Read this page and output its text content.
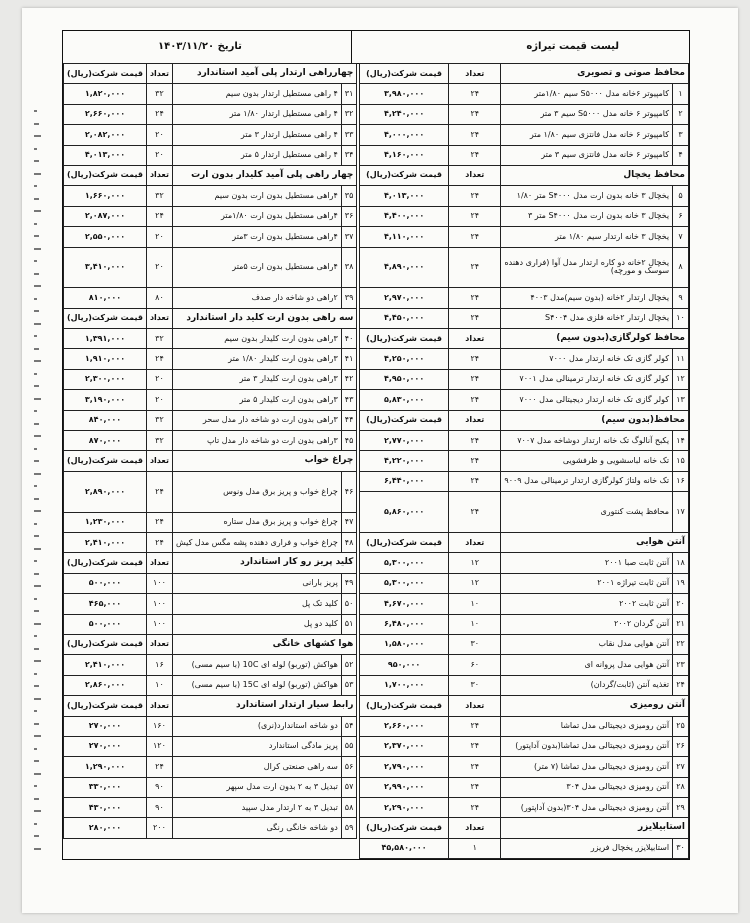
لیست قیمت تیراژه
تاریخ ۱۴۰۳/۱۱/۲۰
محافظ صوتی و تصویری		تعداد	قیمت شرکت(ریال)
۱	کامپیوتر ۶خانه مدل S۵۰۰۰ سیم ۱/۸۰متر	۲۴	۳,۹۸۰,۰۰۰
۲	کامپیوتر ۶ خانه مدل S۵۰۰۰ سیم ۳ متر	۲۴	۴,۲۴۰,۰۰۰
۳	کامپیوتر ۶ خانه مدل فانتزی سیم ۱/۸۰ متر	۲۴	۴,۰۰۰,۰۰۰
۴	کامپیوتر ۶ خانه مدل فانتزی سیم ۳ متر	۲۴	۴,۱۶۰,۰۰۰
محافظ یخچال		تعداد	قیمت شرکت(ریال)
۵	یخچال ۳ خانه بدون ارت مدل S۴۰۰۰ متر ۱/۸۰	۲۴	۴,۰۱۳,۰۰۰
۶	یخچال ۳ خانه بدون ارت مدل S۴۰۰۰ متر ۳	۲۴	۴,۴۰۰,۰۰۰
۷	یخچال ۳ خانه ارتدار سیم ۱/۸۰ متر	۲۴	۴,۱۱۰,۰۰۰
۸	یخچال ۲خانه دو کاره ارتدار مدل آوا (فراری دهنده سوسک و مورچه)	۲۴	۴,۸۹۰,۰۰۰
۹	یخچال ارتدار ۲خانه (بدون سیم)مدل ۴۰۰۳	۲۴	۲,۹۷۰,۰۰۰
۱۰	یخچال ارتدار ۲خانه فلزی مدل S۴۰۰۴	۲۴	۴,۴۵۰,۰۰۰
محافظ کولرگازی(بدون سیم)		تعداد	قیمت شرکت(ریال)
۱۱	کولر گازی تک خانه ارتدار مدل ۷۰۰۰	۲۴	۴,۲۵۰,۰۰۰
۱۲	کولر گازی تک خانه ارتدار ترمینالی مدل ۷۰۰۱	۲۴	۴,۹۵۰,۰۰۰
۱۳	کولر گازی تک خانه ارتدار دیجیتالی مدل ۷۰۰۰	۲۴	۵,۸۳۰,۰۰۰
محافظ(بدون سیم)		تعداد	قیمت شرکت(ریال)
۱۴	یکبح آنالوگ تک خانه ارتدار دوشاخه مدل ۷۰۰۷	۲۴	۲,۷۷۰,۰۰۰
۱۵	تک خانه لباسشویی و ظرفشویی	۲۴	۴,۲۲۰,۰۰۰
۱۶	تک خانه ولتاژ کولرگازی ارتدار ترمینالی مدل ۹۰۰۹	۲۴	۶,۴۴۰,۰۰۰
۱۷	محافظ پشت کنتوری	۲۴	۵,۸۶۰,۰۰۰
آنتن هوایی		تعداد	قیمت شرکت(ریال)
۱۸	آنتن ثابت صبا ۲۰۰۱	۱۲	۵,۳۰۰,۰۰۰
۱۹	آنتن ثابت تیراژه ۲۰۰۱	۱۲	۵,۳۰۰,۰۰۰
۲۰	آنتن ثابت ۲۰۰۲	۱۰	۴,۶۷۰,۰۰۰
۲۱	آنتن گردان ۲۰۰۲	۱۰	۶,۴۸۰,۰۰۰
۲۲	آنتن هوایی مدل نقاب	۳۰	۱,۵۸۰,۰۰۰
۲۳	آنتن هوایی مدل پروانه ای	۶۰	۹۵۰,۰۰۰
۲۴	تغذیه آنتن (ثابت/گردان)	۳۰	۱,۷۰۰,۰۰۰
آنتن رومیزی		تعداد	قیمت شرکت(ریال)
۲۵	آنتن رومیزی دیجیتالی مدل تماشا	۲۴	۲,۶۶۰,۰۰۰
۲۶	آنتن رومیزی دیجیتالی مدل تماشا(بدون آداپتور)	۲۴	۲,۳۷۰,۰۰۰
۲۷	آنتن رومیزی دیجیتالی مدل تماشا (۷ متر)	۲۴	۲,۷۹۰,۰۰۰
۲۸	آنتن رومیزی دیجیتالی مدل ۳۰۴	۲۴	۲,۹۹۰,۰۰۰
۲۹	آنتن رومیزی دیجیتالی مدل ۳۰۴(بدون آداپتور)	۲۴	۲,۲۹۰,۰۰۰
استابیلایزر		تعداد	قیمت شرکت(ریال)
۳۰	استابیلایزر یخچال فریزر	۱	۴۵,۵۸۰,۰۰۰
چهارراهی ارتدار پلی آمید استاندارد		تعداد	قیمت شرکت(ریال)
۳۱	۴ راهی مستطیل ارتدار بدون سیم	۳۲	۱,۸۲۰,۰۰۰
۳۲	۴ راهی مستطیل ارتدار ۱/۸۰ متر	۲۴	۲,۶۶۰,۰۰۰
۳۳	۴ راهی مستطیل ارتدار ۳ متر	۲۰	۲,۰۸۲,۰۰۰
۳۴	۴ راهی مستطیل ارتدار ۵ متر	۲۰	۴,۰۱۳,۰۰۰
چهار راهی پلی آمید کلیدار بدون ارت		تعداد	قیمت شرکت(ریال)
۳۵	۴راهی مستطیل بدون ارت بدون سیم	۳۲	۱,۶۶۰,۰۰۰
۳۶	۴راهی مستطیل بدون ارت ۱/۸۰متر	۲۴	۲,۰۸۷,۰۰۰
۳۷	۴راهی مستطیل بدون ارت ۳متر	۲۰	۲,۵۵۰,۰۰۰
۳۸	۴راهی مستطیل بدون ارت ۵متر	۲۰	۳,۴۱۰,۰۰۰
۳۹	۲راهی دو شاخه دار صدف	۸۰	۸۱۰,۰۰۰
سه راهی بدون ارت کلید دار استاندارد		تعداد	قیمت شرکت(ریال)
۴۰	۳راهی بدون ارت کلیدار بدون سیم	۳۲	۱,۳۹۱,۰۰۰
۴۱	۳راهی بدون ارت کلیدار ۱/۸۰ متر	۲۴	۱,۹۱۰,۰۰۰
۴۲	۳راهی بدون ارت کلیدار ۳ متر	۲۰	۲,۳۰۰,۰۰۰
۴۳	۳راهی بدون ارت کلیدار ۵ متر	۲۰	۳,۱۹۰,۰۰۰
۴۴	۳راهی بدون ارت دو شاخه دار مدل سحر	۳۲	۸۴۰,۰۰۰
۴۵	۳راهی بدون ارت دو شاخه دار مدل تاپ	۳۲	۸۷۰,۰۰۰
چراغ خواب		تعداد	قیمت شرکت(ریال)
۴۶	چراغ خواب و پریز برق مدل ونوس	۲۴	۲,۸۹۰,۰۰۰
۴۷	چراغ خواب و پریز برق مدل ستاره	۲۴	۱,۲۳۰,۰۰۰
۴۸	چراغ خواب و فراری دهنده پشه مگس مدل کیش	۲۴	۲,۴۱۰,۰۰۰
کلید پریز رو کار استاندارد		تعداد	قیمت شرکت(ریال)
۴۹	پریز بارانی	۱۰۰	۵۰۰,۰۰۰
۵۰	کلید تک پل	۱۰۰	۴۶۵,۰۰۰
۵۱	کلید دو پل	۱۰۰	۵۰۰,۰۰۰
هوا کشهای خانگی		تعداد	قیمت شرکت(ریال)
۵۲	هواکش (توربو) لوله ای 10C (با سیم مسی)	۱۶	۲,۴۱۰,۰۰۰
۵۳	هواکش (توربو) لوله ای 15C (با سیم مسی)	۱۰	۲,۸۶۰,۰۰۰
رابط سیار ارتدار استاندارد		تعداد	قیمت شرکت(ریال)
۵۴	دو شاخه استاندارد(نری)	۱۶۰	۲۷۰,۰۰۰
۵۵	پریز مادگی استاندارد	۱۲۰	۲۷۰,۰۰۰
۵۶	سه راهی صنعتی کرال	۲۴	۱,۲۹۰,۰۰۰
۵۷	تبدیل ۳ به ۲ بدون ارت مدل سپهر	۹۰	۳۳۰,۰۰۰
۵۸	تبدیل ۳ به ۲ ارتدار مدل سپید	۹۰	۴۳۰,۰۰۰
۵۹	دو شاخه خانگی رنگی	۲۰۰	۲۸۰,۰۰۰
